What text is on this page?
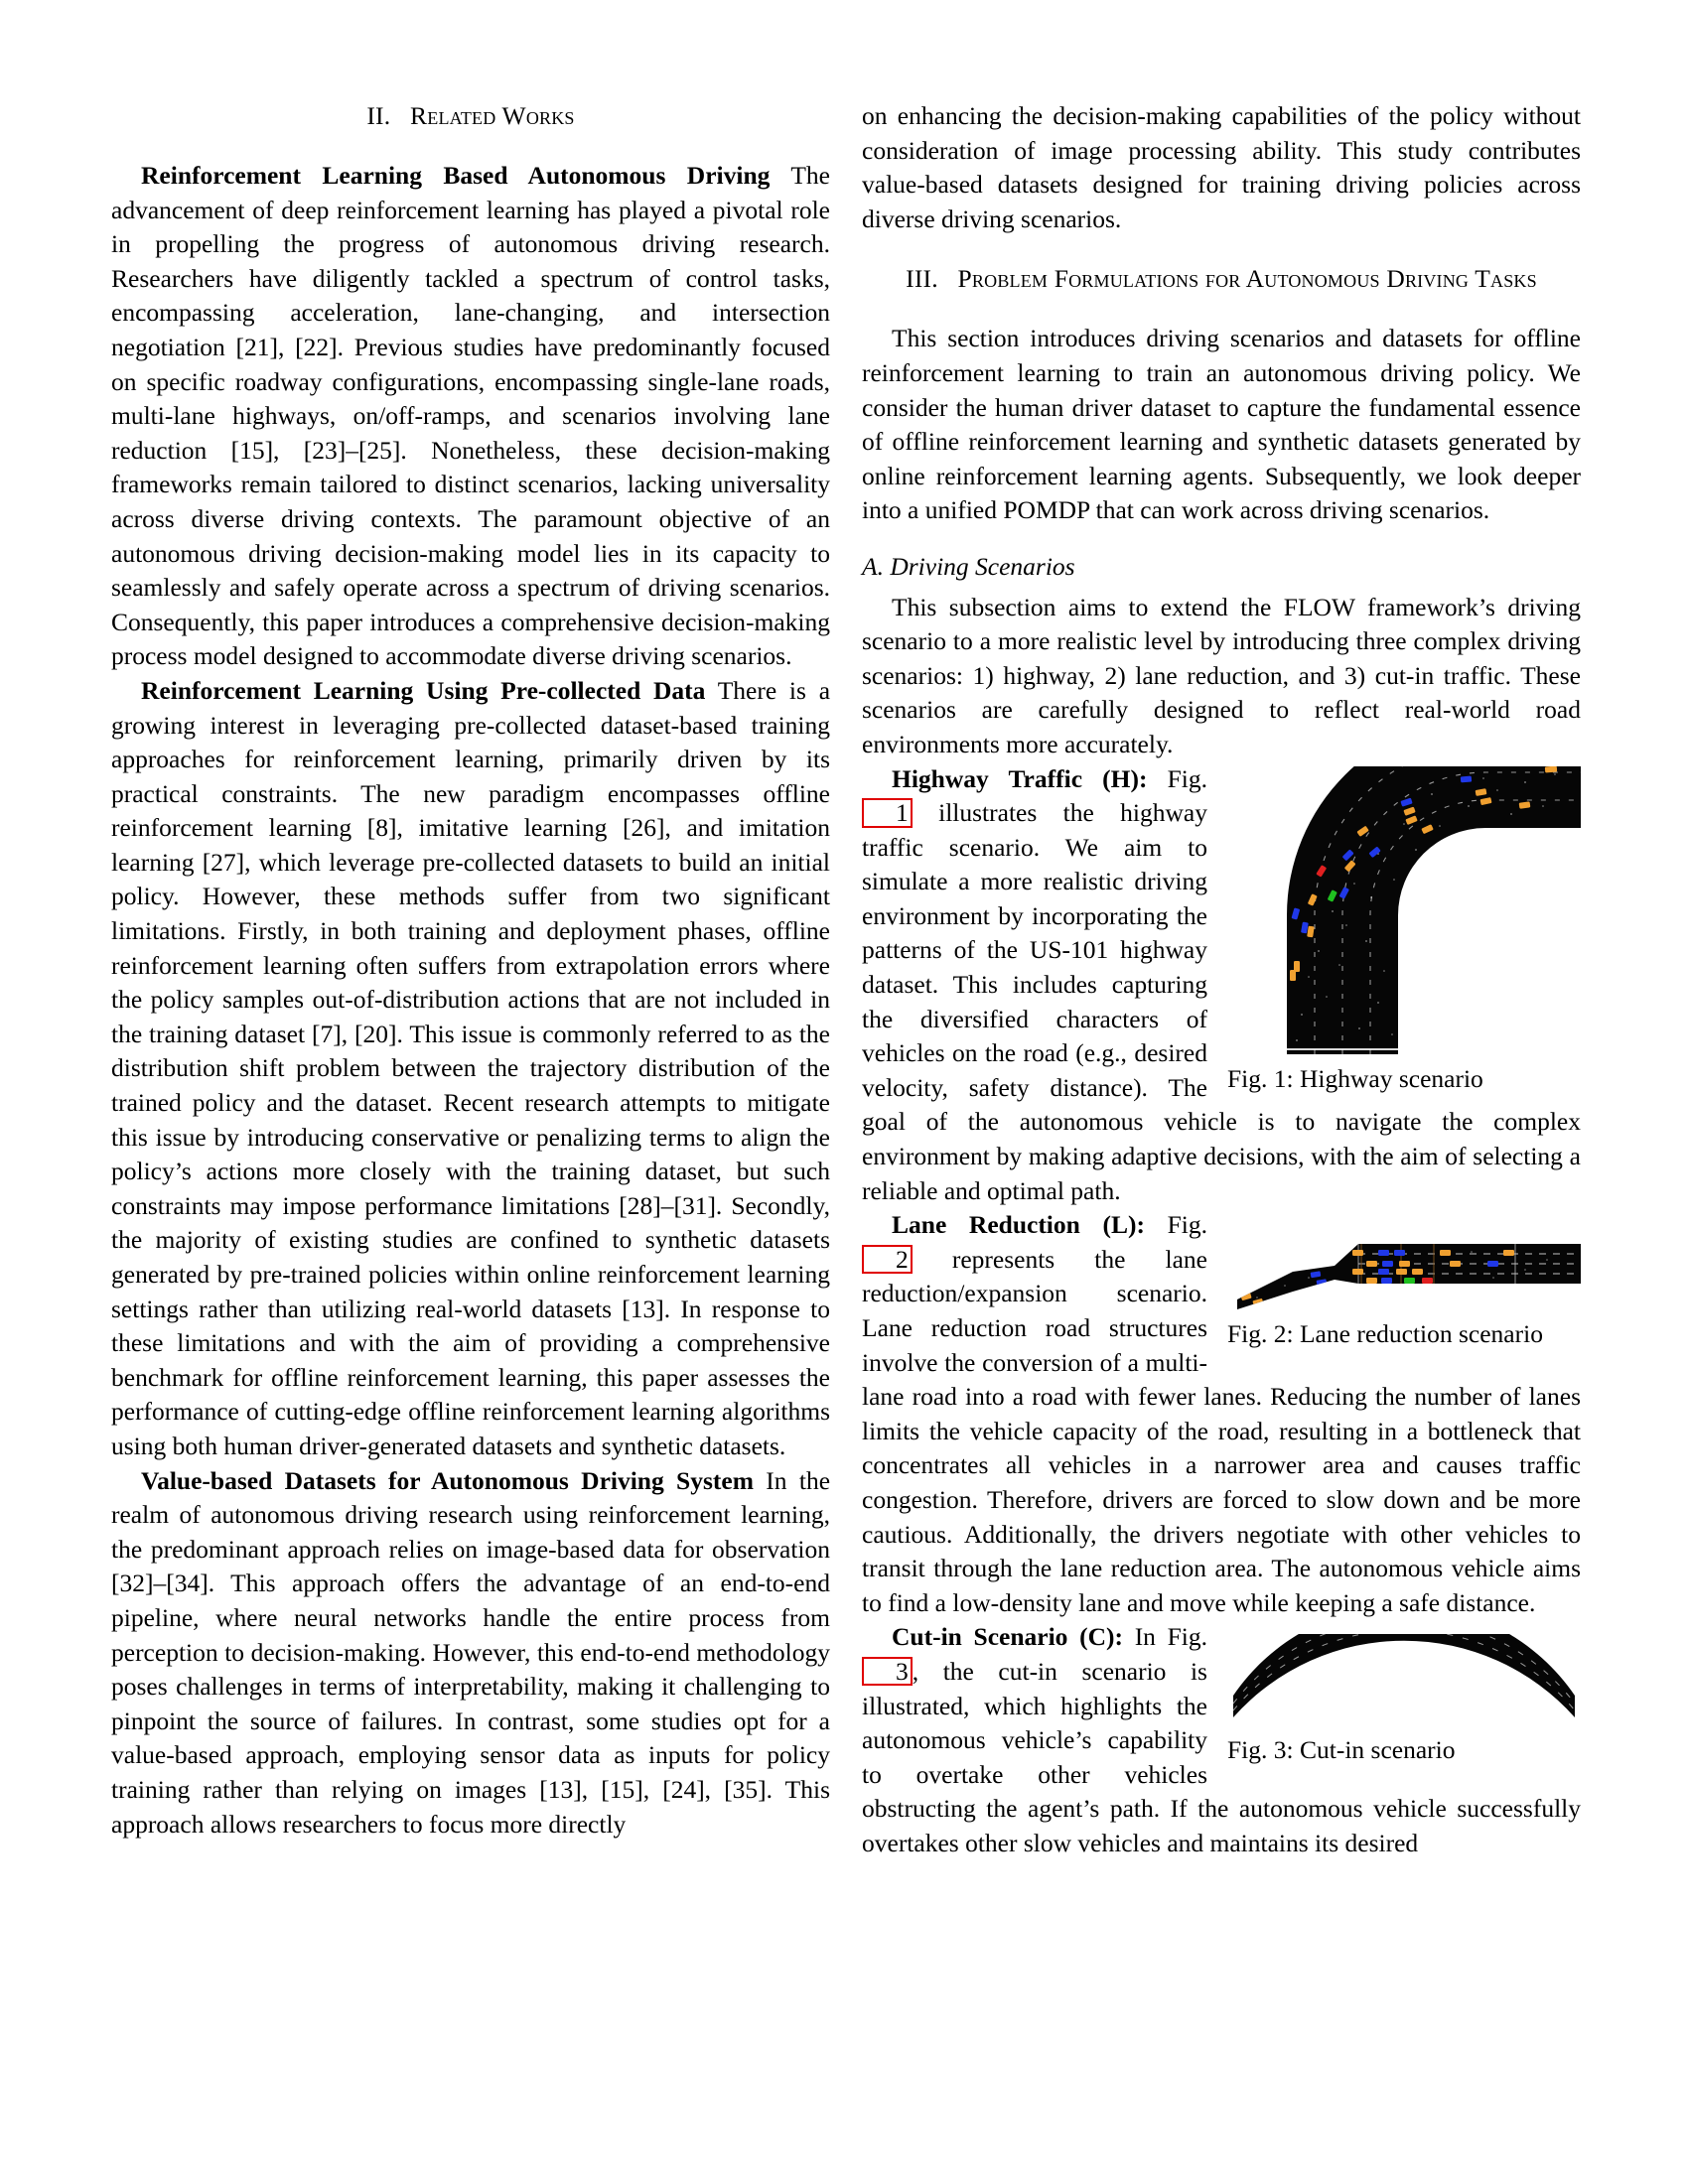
II. Related Works

Reinforcement Learning Based Autonomous Driving The advancement of deep reinforcement learning has played a pivotal role in propelling the progress of autonomous driving research. Researchers have diligently tackled a spectrum of control tasks, encompassing acceleration, lane-changing, and intersection negotiation [21], [22]. Previous studies have predominantly focused on specific roadway configurations, encompassing single-lane roads, multi-lane highways, on/off-ramps, and scenarios involving lane reduction [15], [23]–[25]. Nonetheless, these decision-making frameworks remain tailored to distinct scenarios, lacking universality across diverse driving contexts. The paramount objective of an autonomous driving decision-making model lies in its capacity to seamlessly and safely operate across a spectrum of driving scenarios. Consequently, this paper introduces a comprehensive decision-making process model designed to accommodate diverse driving scenarios.

Reinforcement Learning Using Pre-collected Data There is a growing interest in leveraging pre-collected dataset-based training approaches for reinforcement learning, primarily driven by its practical constraints. The new paradigm encompasses offline reinforcement learning [8], imitative learning [26], and imitation learning [27], which leverage pre-collected datasets to build an initial policy. However, these methods suffer from two significant limitations. Firstly, in both training and deployment phases, offline reinforcement learning often suffers from extrapolation errors where the policy samples out-of-distribution actions that are not included in the training dataset [7], [20]. This issue is commonly referred to as the distribution shift problem between the trajectory distribution of the trained policy and the dataset. Recent research attempts to mitigate this issue by introducing conservative or penalizing terms to align the policy’s actions more closely with the training dataset, but such constraints may impose performance limitations [28]–[31]. Secondly, the majority of existing studies are confined to synthetic datasets generated by pre-trained policies within online reinforcement learning settings rather than utilizing real-world datasets [13]. In response to these limitations and with the aim of providing a comprehensive benchmark for offline reinforcement learning, this paper assesses the performance of cutting-edge offline reinforcement learning algorithms using both human driver-generated datasets and synthetic datasets.

Value-based Datasets for Autonomous Driving System In the realm of autonomous driving research using reinforcement learning, the predominant approach relies on image-based data for observation [32]–[34]. This approach offers the advantage of an end-to-end pipeline, where neural networks handle the entire process from perception to decision-making. However, this end-to-end methodology poses challenges in terms of interpretability, making it challenging to pinpoint the source of failures. In contrast, some studies opt for a value-based approach, employing sensor data as inputs for policy training rather than relying on images [13], [15], [24], [35]. This approach allows researchers to focus more directly

on enhancing the decision-making capabilities of the policy without consideration of image processing ability. This study contributes value-based datasets designed for training driving policies across diverse driving scenarios.

III. Problem Formulations for Autonomous Driving Tasks

This section introduces driving scenarios and datasets for offline reinforcement learning to train an autonomous driving policy. We consider the human driver dataset to capture the fundamental essence of offline reinforcement learning and synthetic datasets generated by online reinforcement learning agents. Subsequently, we look deeper into a unified POMDP that can work across driving scenarios.

A. Driving Scenarios

This subsection aims to extend the FLOW framework’s driving scenario to a more realistic level by introducing three complex driving scenarios: 1) highway, 2) lane reduction, and 3) cut-in traffic. These scenarios are carefully designed to reflect real-world road environments more accurately.

Fig. 1: Highway scenario

Highway Traffic (H): Fig.1 illustrates the highway traffic scenario. We aim to simulate a more realistic driving environment by incorporating the patterns of the US-101 highway dataset. This includes capturing the diversified characters of vehicles on the road (e.g., desired velocity, safety distance). The goal of the autonomous vehicle is to navigate the complex environment by making adaptive decisions, with the aim of selecting a reliable and optimal path.

Fig. 2: Lane reduction scenario

Lane Reduction (L): Fig.2 represents the lane reduction/expansion scenario. Lane reduction road structures involve the conversion of a multi-lane road into a road with fewer lanes. Reducing the number of lanes limits the vehicle capacity of the road, resulting in a bottleneck that concentrates all vehicles in a narrower area and causes traffic congestion. Therefore, drivers are forced to slow down and be more cautious. Additionally, the drivers negotiate with other vehicles to transit through the lane reduction area. The autonomous vehicle aims to find a low-density lane and move while keeping a safe distance.

Fig. 3: Cut-in scenario

Cut-in Scenario (C): In Fig.3 , the cut-in scenario is illustrated, which highlights the autonomous vehicle’s capability to overtake other vehicles obstructing the agent’s path. If the autonomous vehicle successfully overtakes other slow vehicles and maintains its desired
